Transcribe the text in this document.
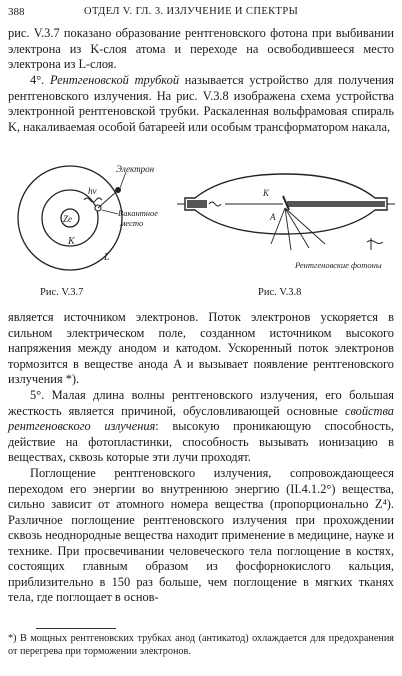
388	ОТДЕЛ V. ГЛ. 3. ИЗЛУЧЕНИЕ И СПЕКТРЫ
рис. V.3.7 показано образование рентгеновского фотона при выбивании электрона из K-слоя атома и переходе на освободившееся место электрона из L-слоя.
4°. Рентгеновской трубкой называется устройство для получения рентгеновского излучения. На рис. V.3.8 изображена схема устройства электронной рентгеновской трубки. Раскаленная вольфрамовая спираль K, накаливаемая особой батареей или особым трансформатором накала,
Ze
Электрон
hν
Вакантное
место
K
L
Рис. V.3.7
K
A
Рентгеновские фотоны
Рис. V.3.8
является источником электронов. Поток электронов ускоряется в сильном электрическом поле, созданном источником высокого напряжения между анодом и катодом. Ускоренный поток электронов тормозится в веществе анода A и вызывает появление рентгеновского излучения *).
5°. Малая длина волны рентгеновского излучения, его большая жесткость является причиной, обусловливающей основные свойства рентгеновского излучения: высокую проникающую способность, действие на фотопластинки, способность вызывать ионизацию в веществах, сквозь которые эти лучи проходят.
Поглощение рентгеновского излучения, сопровождающееся переходом его энергии во внутреннюю энергию (II.4.1.2°) вещества, сильно зависит от атомного номера вещества (пропорционально Z⁴). Различное поглощение рентгеновского излучения при прохождении сквозь неоднородные вещества находит применение в медицине, науке и технике. При просвечивании человеческого тела поглощение в костях, состоящих главным образом из фосфорнокислого кальция, приблизительно в 150 раз больше, чем поглощение в мягких тканях тела, где поглощает в основ-
*) В мощных рентгеновских трубках анод (антикатод) охлаждается для предохранения от перегрева при торможении электронов.
